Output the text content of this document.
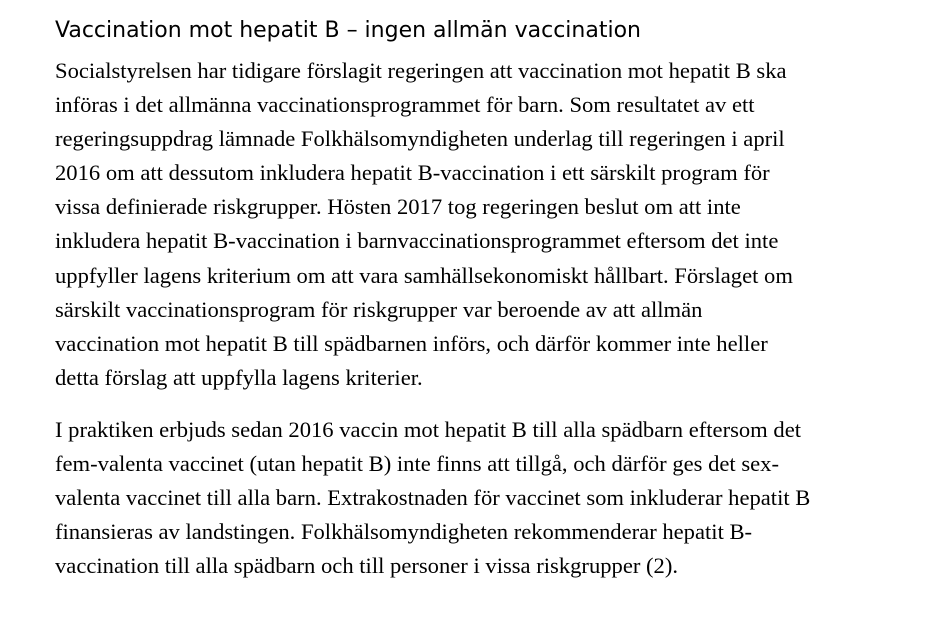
Vaccination mot hepatit B – ingen allmän vaccination

Socialstyrelsen har tidigare förslagit regeringen att vaccination mot hepatit B ska
införas i det allmänna vaccinationsprogrammet för barn. Som resultatet av ett
regeringsuppdrag lämnade Folkhälsomyndigheten underlag till regeringen i april
2016 om att dessutom inkludera hepatit B-vaccination i ett särskilt program för
vissa definierade riskgrupper. Hösten 2017 tog regeringen beslut om att inte
inkludera hepatit B-vaccination i barnvaccinationsprogrammet eftersom det inte
uppfyller lagens kriterium om att vara samhällsekonomiskt hållbart. Förslaget om
särskilt vaccinationsprogram för riskgrupper var beroende av att allmän
vaccination mot hepatit B till spädbarnen införs, och därför kommer inte heller
detta förslag att uppfylla lagens kriterier.

I praktiken erbjuds sedan 2016 vaccin mot hepatit B till alla spädbarn eftersom det
fem-valenta vaccinet (utan hepatit B) inte finns att tillgå, och därför ges det sex-
valenta vaccinet till alla barn. Extrakostnaden för vaccinet som inkluderar hepatit B
finansieras av landstingen. Folkhälsomyndigheten rekommenderar hepatit B-
vaccination till alla spädbarn och till personer i vissa riskgrupper (2).
